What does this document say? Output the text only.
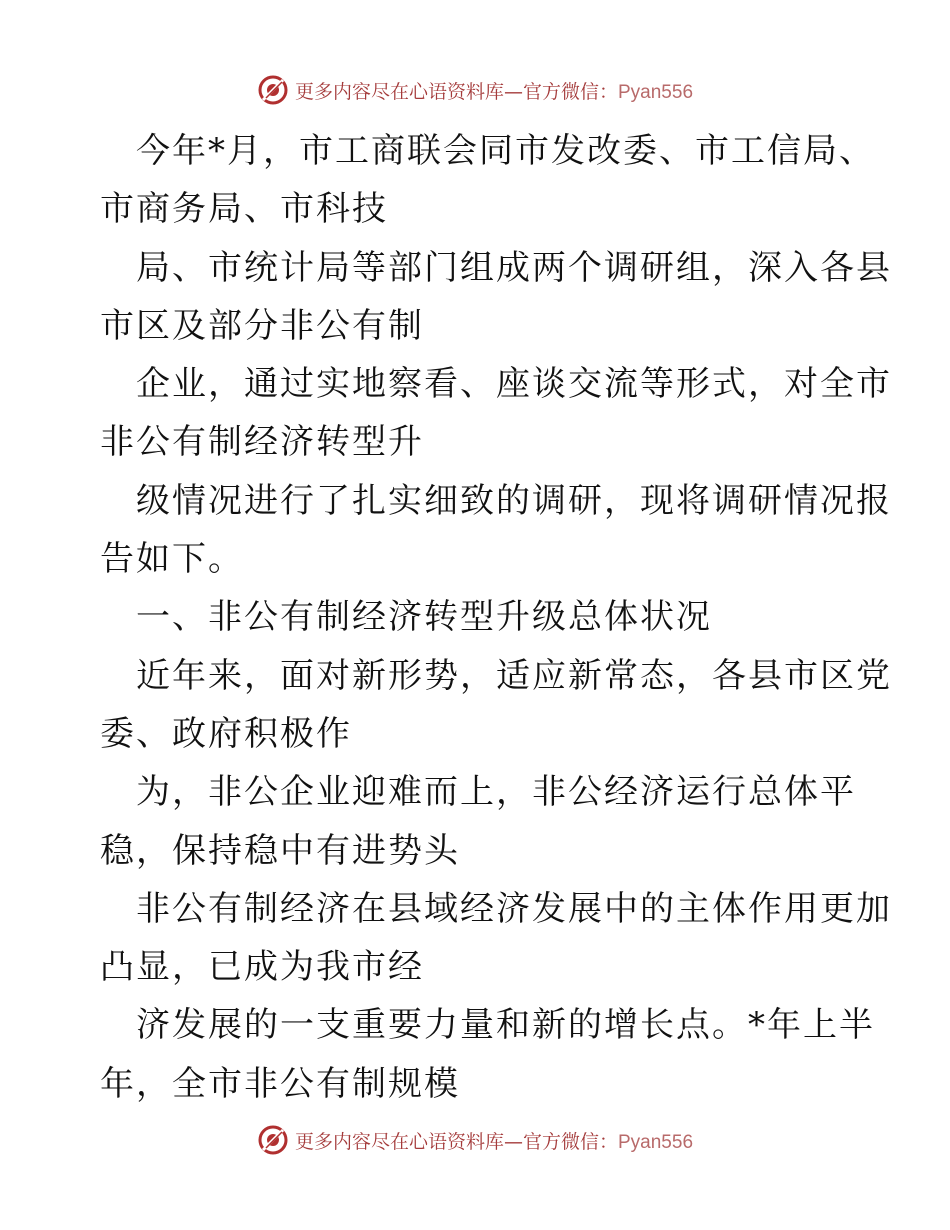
更多内容尽在心语资料库—官方微信：Pyan556
今年*月，市工商联会同市发改委、市工信局、
市商务局、市科技
局、市统计局等部门组成两个调研组，深入各县
市区及部分非公有制
企业，通过实地察看、座谈交流等形式，对全市
非公有制经济转型升
级情况进行了扎实细致的调研，现将调研情况报
告如下。
一、非公有制经济转型升级总体状况
近年来，面对新形势，适应新常态，各县市区党
委、政府积极作
为，非公企业迎难而上，非公经济运行总体平
稳，保持稳中有进势头
非公有制经济在县域经济发展中的主体作用更加
凸显，已成为我市经
济发展的一支重要力量和新的增长点。*年上半
年，全市非公有制规模
更多内容尽在心语资料库—官方微信：Pyan556
